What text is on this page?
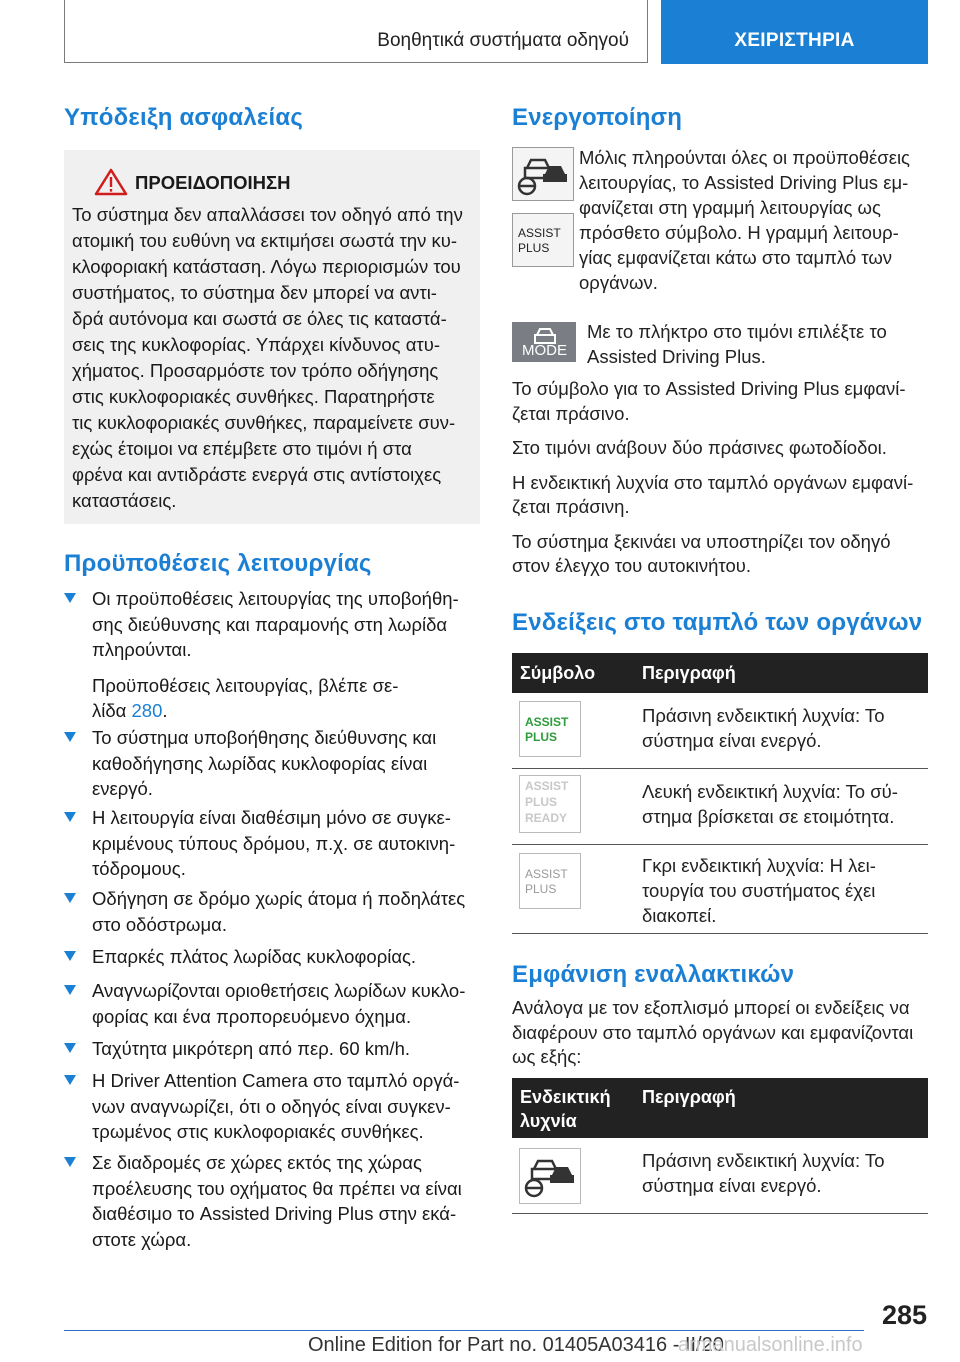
Βοηθητικά συστήματα οδηγού	ΧΕΙΡΙΣΤΗΡΙΑ
Υπόδειξη ασφαλείας
ΠΡΟΕΙΔΟΠΟΙΗΣΗ
Το σύστημα δεν απαλλάσσει τον οδηγό από την
ατομική του ευθύνη να εκτιμήσει σωστά την κυ-
κλοφοριακή κατάσταση. Λόγω περιορισμών του
συστήματος, το σύστημα δεν μπορεί να αντι-
δρά αυτόνομα και σωστά σε όλες τις καταστά-
σεις της κυκλοφορίας. Υπάρχει κίνδυνος ατυ-
χήματος. Προσαρμόστε τον τρόπο οδήγησης
στις κυκλοφοριακές συνθήκες. Παρατηρήστε
τις κυκλοφοριακές συνθήκες, παραμείνετε συν-
εχώς έτοιμοι να επέμβετε στο τιμόνι ή στα
φρένα και αντιδράστε ενεργά στις αντίστοιχες
καταστάσεις.
Προϋποθέσεις λειτουργίας
Οι προϋποθέσεις λειτουργίας της υποβοήθη-
σης διεύθυνσης και παραμονής στη λωρίδα
πληρούνται.
Προϋποθέσεις λειτουργίας, βλέπε σε-
λίδα 280.
Το σύστημα υποβοήθησης διεύθυνσης και
καθοδήγησης λωρίδας κυκλοφορίας είναι
ενεργό.
Η λειτουργία είναι διαθέσιμη μόνο σε συγκε-
κριμένους τύπους δρόμου, π.χ. σε αυτοκινη-
τόδρομους.
Οδήγηση σε δρόμο χωρίς άτομα ή ποδηλάτες
στο οδόστρωμα.
Επαρκές πλάτος λωρίδας κυκλοφορίας.
Αναγνωρίζονται οριοθετήσεις λωρίδων κυκλο-
φορίας και ένα προπορευόμενο όχημα.
Ταχύτητα μικρότερη από περ. 60 km/h.
Η Driver Attention Camera στο ταμπλό οργά-
νων αναγνωρίζει, ότι ο οδηγός είναι συγκεν-
τρωμένος στις κυκλοφοριακές συνθήκες.
Σε διαδρομές σε χώρες εκτός της χώρας
προέλευσης του οχήματος θα πρέπει να είναι
διαθέσιμο το Assisted Driving Plus στην εκά-
στοτε χώρα.
Ενεργοποίηση
ASSIST
PLUS
Μόλις πληρούνται όλες οι προϋποθέσεις
λειτουργίας, το Assisted Driving Plus εμ-
φανίζεται στη γραμμή λειτουργίας ως
πρόσθετο σύμβολο. Η γραμμή λειτουρ-
γίας εμφανίζεται κάτω στο ταμπλό των
οργάνων.
MODE
Με το πλήκτρο στο τιμόνι επιλέξτε το
Assisted Driving Plus.
Το σύμβολο για το Assisted Driving Plus εμφανί-
ζεται πράσινο.
Στο τιμόνι ανάβουν δύο πράσινες φωτοδίοδοι.
Η ενδεικτική λυχνία στο ταμπλό οργάνων εμφανί-
ζεται πράσινη.
Το σύστημα ξεκινάει να υποστηρίζει τον οδηγό
στον έλεγχο του αυτοκινήτου.
Ενδείξεις στο ταμπλό των οργάνων
Σύμβολο	Περιγραφή
ASSIST
PLUS
Πράσινη ενδεικτική λυχνία: Το
σύστημα είναι ενεργό.
ASSIST
PLUS
READY
Λευκή ενδεικτική λυχνία: Το σύ-
στημα βρίσκεται σε ετοιμότητα.
ASSIST
PLUS
Γκρι ενδεικτική λυχνία: Η λει-
τουργία του συστήματος έχει
διακοπεί.
Εμφάνιση εναλλακτικών
Ανάλογα με τον εξοπλισμό μπορεί οι ενδείξεις να
διαφέρουν στο ταμπλό οργάνων και εμφανίζονται
ως εξής:
Ενδεικτική
λυχνία
Περιγραφή
Πράσινη ενδεικτική λυχνία: Το
σύστημα είναι ενεργό.
285
Online Edition for Part no. 01405A03416 - II/20
armanualsonline.info
